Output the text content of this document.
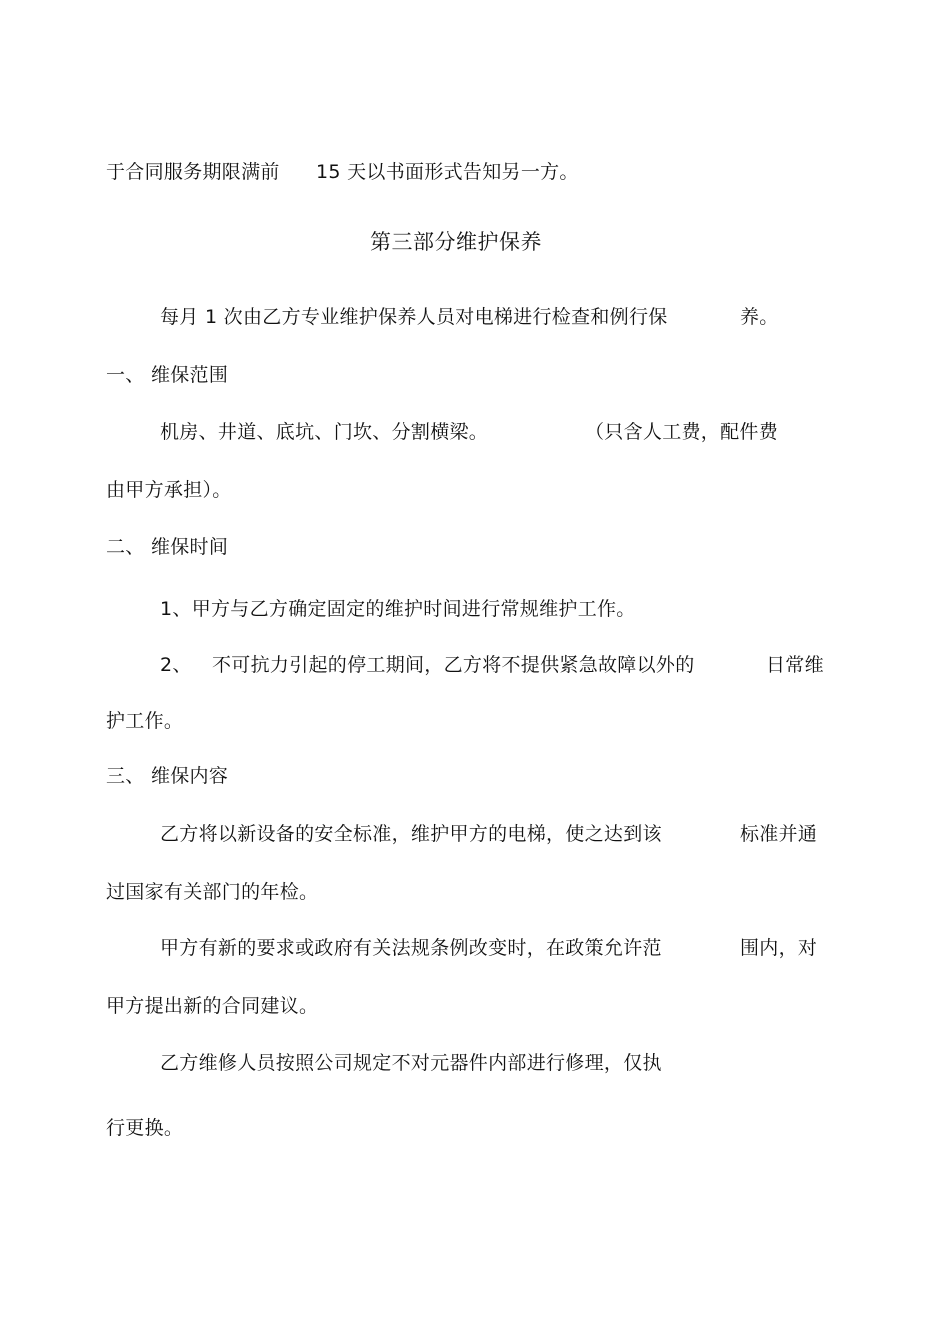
于合同服务期限满前 15 天以书面形式告知另一方。
第三部分维护保养
每月 1 次由乙方专业维护保养人员对电梯进行检查和例行保	养。
一、 维保范围
机房、井道、底坑、门坎、分割横梁。	（只含人工费，配件费
由甲方承担）。
二、 维保时间
1、甲方与乙方确定固定的维护时间进行常规维护工作。
2、 不可抗力引起的停工期间，乙方将不提供紧急故障以外的	日常维
护工作。
三、 维保内容
乙方将以新设备的安全标准，维护甲方的电梯，使之达到该	标准并通
过国家有关部门的年检。
甲方有新的要求或政府有关法规条例改变时，在政策允许范	围内，对
甲方提出新的合同建议。
乙方维修人员按照公司规定不对元器件内部进行修理，仅执
行更换。
